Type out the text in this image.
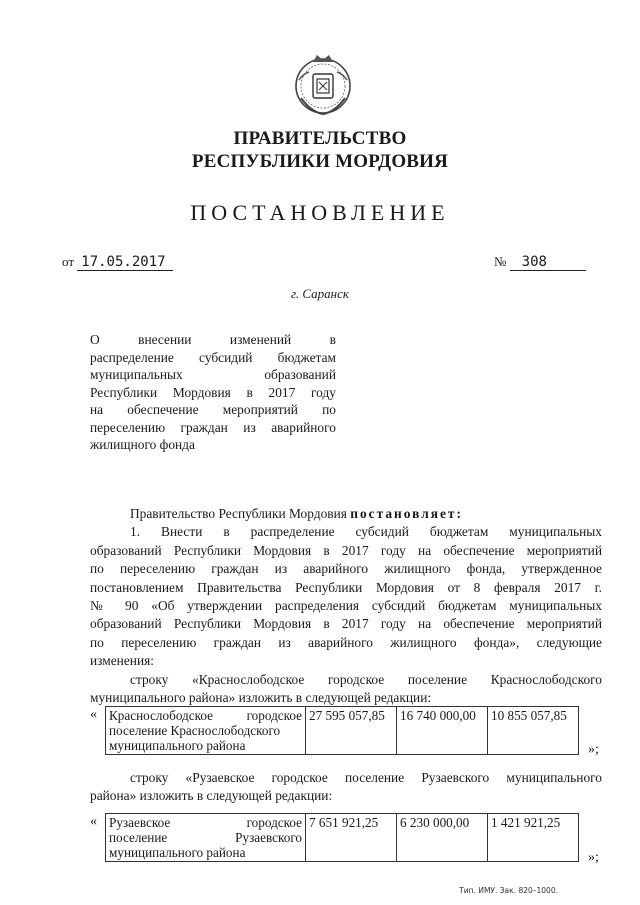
ПРАВИТЕЛЬСТВО
РЕСПУБЛИКИ МОРДОВИЯ
ПОСТАНОВЛЕНИЕ
от 17.05.2017	№ 308
г. Саранск
О внесении изменений в
распределение субсидий бюджетам
муниципальных образований
Республики Мордовия в 2017 году
на обеспечение мероприятий по
переселению граждан из аварийного
жилищного фонда
Правительство Республики Мордовия постановляет:
1. Внести в распределение субсидий бюджетам муниципальных
образований Республики Мордовия в 2017 году на обеспечение мероприятий
по переселению граждан из аварийного жилищного фонда, утвержденное
постановлением Правительства Республики Мордовия от 8 февраля 2017 г.
№ 90 «Об утверждении распределения субсидий бюджетам муниципальных
образований Республики Мордовия в 2017 году на обеспечение мероприятий
по переселению граждан из аварийного жилищного фонда», следующие
изменения:
строку «Краснослободское городское поселение Краснослободского
муниципального района» изложить в следующей редакции:
« Краснослободское городское
поселение Краснослободского
муниципального района
	27 595 057,85	16 740 000,00	10 855 057,85
»;
строку «Рузаевское городское поселение Рузаевского муниципального
района» изложить в следующей редакции:
« Рузаевское городское
поселение Рузаевского
муниципального района
	7 651 921,25	6 230 000,00	1 421 921,25
»;
Тип. ИМУ. Зак. 820–1000.
